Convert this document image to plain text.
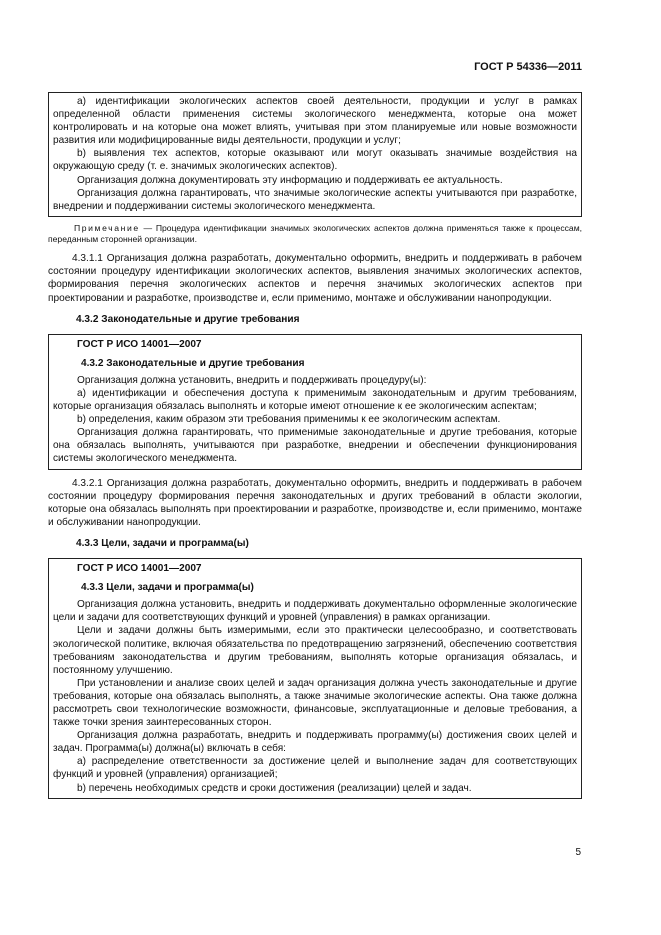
ГОСТ Р 54336—2011

a) идентификации экологических аспектов своей деятельности, продукции и услуг в рамках определенной области применения системы экологического менеджмента, которые она может контролировать и на которые она может влиять, учитывая при этом планируемые или новые возможности развития или модифицированные виды деятельности, продукции и услуг;

b) выявления тех аспектов, которые оказывают или могут оказывать значимые воздействия на окружающую среду (т. е. значимых экологических аспектов).

Организация должна документировать эту информацию и поддерживать ее актуальность.

Организация должна гарантировать, что значимые экологические аспекты учитываются при разработке, внедрении и поддерживании системы экологического менеджмента.

Примечание — Процедура идентификации значимых экологических аспектов должна применяться также к процессам, переданным сторонней организации.

4.3.1.1 Организация должна разработать, документально оформить, внедрить и поддерживать в рабочем состоянии процедуру идентификации экологических аспектов, выявления значимых экологических аспектов, формирования перечня экологических аспектов и перечня значимых экологических аспектов при проектировании и разработке, производстве и, если применимо, монтаже и обслуживании нанопродукции.

4.3.2 Законодательные и другие требования
ГОСТ Р ИСО 14001—2007
4.3.2 Законодательные и другие требования

Организация должна установить, внедрить и поддерживать процедуру(ы):

a) идентификации и обеспечения доступа к применимым законодательным и другим требованиям, которые организация обязалась выполнять и которые имеют отношение к ее экологическим аспектам;

b) определения, каким образом эти требования применимы к ее экологическим аспектам.

Организация должна гарантировать, что применимые законодательные и другие требования, которые она обязалась выполнять, учитываются при разработке, внедрении и обеспечении функционирования системы экологического менеджмента.

4.3.2.1 Организация должна разработать, документально оформить, внедрить и поддерживать в рабочем состоянии процедуру формирования перечня законодательных и других требований в области экологии, которые она обязалась выполнять при проектировании и разработке, производстве и, если применимо, монтаже и обслуживании нанопродукции.

4.3.3 Цели, задачи и программа(ы)
ГОСТ Р ИСО 14001—2007
4.3.3 Цели, задачи и программа(ы)

Организация должна установить, внедрить и поддерживать документально оформленные экологические цели и задачи для соответствующих функций и уровней (управления) в рамках организации.

Цели и задачи должны быть измеримыми, если это практически целесообразно, и соответствовать экологической политике, включая обязательства по предотвращению загрязнений, обеспечению соответствия требованиям законодательства и другим требованиям, выполнять которые организация обязалась, и постоянному улучшению.

При установлении и анализе своих целей и задач организация должна учесть законодательные и другие требования, которые она обязалась выполнять, а также значимые экологические аспекты. Она также должна рассмотреть свои технологические возможности, финансовые, эксплуатационные и деловые требования, а также точки зрения заинтересованных сторон.

Организация должна разработать, внедрить и поддерживать программу(ы) достижения своих целей и задач. Программа(ы) должна(ы) включать в себя:

a) распределение ответственности за достижение целей и выполнение задач для соответствующих функций и уровней (управления) организацией;

b) перечень необходимых средств и сроки достижения (реализации) целей и задач.

5
